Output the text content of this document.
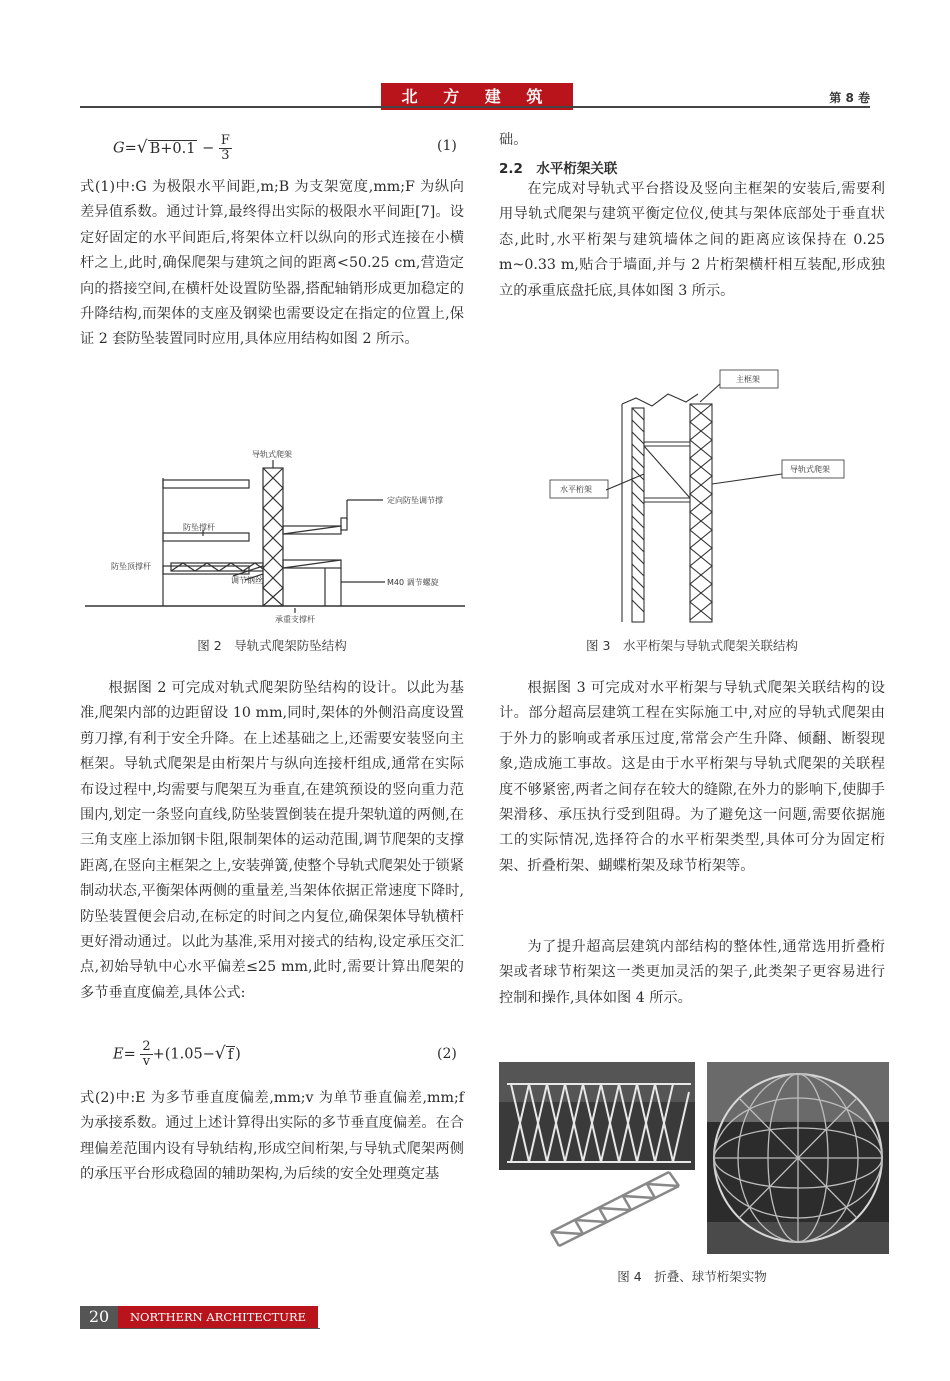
北 方 建 筑	第 8 卷
G=√ $B+0.1 - \frac{F}{3}$	(1)

式(1)中:G 为极限水平间距,m;B 为支架宽度,mm;F 为纵向差异值系数。通过计算,最终得出实际的极限水平间距[7]。设定好固定的水平间距后,将架体立杆以纵向的形式连接在小横杆之上,此时,确保爬架与建筑之间的距离<50.25 cm,营造定向的搭接空间,在横杆处设置防坠器,搭配轴销形成更加稳定的升降结构,而架体的支座及钢梁也需要设定在指定的位置上,保证 2 套防坠装置同时应用,具体应用结构如图 2 所示。

导轨式爬架
定向防坠调节撑
防坠撑杆
防坠顶撑杆
调节钢丝	M40 调节螺旋
承重支撑杆
图 2　导轨式爬架防坠结构

根据图 2 可完成对轨式爬架防坠结构的设计。以此为基准,爬架内部的边距留设 10 mm,同时,架体的外侧沿高度设置剪刀撑,有利于安全升降。在上述基础之上,还需要安装竖向主框架。导轨式爬架是由桁架片与纵向连接杆组成,通常在实际布设过程中,均需要与爬架互为垂直,在建筑预设的竖向重力范围内,划定一条竖向直线,防坠装置倒装在提升架轨道的两侧,在三角支座上添加钢卡阻,限制架体的运动范围,调节爬架的支撑距离,在竖向主框架之上,安装弹簧,使整个导轨式爬架处于锁紧制动状态,平衡架体两侧的重量差,当架体依据正常速度下降时,防坠装置便会启动,在标定的时间之内复位,确保架体导轨横杆更好滑动通过。以此为基准,采用对接式的结构,设定承压交汇点,初始导轨中心水平偏差≤25 mm,此时,需要计算出爬架的多节垂直度偏差,具体公式:

$E= \frac{2}{v} +(1.05-√$ f )	(2)

式(2)中:E 为多节垂直度偏差,mm;v 为单节垂直偏差,mm;f 为承接系数。通过上述计算得出实际的多节垂直度偏差。在合理偏差范围内设有导轨结构,形成空间桁架,与导轨式爬架两侧的承压平台形成稳固的辅助架构,为后续的安全处理奠定基

础。

2.2　水平桁架关联

在完成对导轨式平台搭设及竖向主框架的安装后,需要利用导轨式爬架与建筑平衡定位仪,使其与架体底部处于垂直状态,此时,水平桁架与建筑墙体之间的距离应该保持在 0.25 m~0.33 m,贴合于墙面,并与 2 片桁架横杆相互装配,形成独立的承重底盘托底,具体如图 3 所示。

主框架
导轨式爬架
水平桁架
图 3　水平桁架与导轨式爬架关联结构

根据图 3 可完成对水平桁架与导轨式爬架关联结构的设计。部分超高层建筑工程在实际施工中,对应的导轨式爬架由于外力的影响或者承压过度,常常会产生升降、倾翻、断裂现象,造成施工事故。这是由于水平桁架与导轨式爬架的关联程度不够紧密,两者之间存在较大的缝隙,在外力的影响下,使脚手架滑移、承压执行受到阻碍。为了避免这一问题,需要依据施工的实际情况,选择符合的水平桁架类型,具体可分为固定桁架、折叠桁架、蝴蝶桁架及球节桁架等。

为了提升超高层建筑内部结构的整体性,通常选用折叠桁架或者球节桁架这一类更加灵活的架子,此类架子更容易进行控制和操作,具体如图 4 所示。

图 4　折叠、球节桁架实物
20	NORTHERN ARCHITECTURE
